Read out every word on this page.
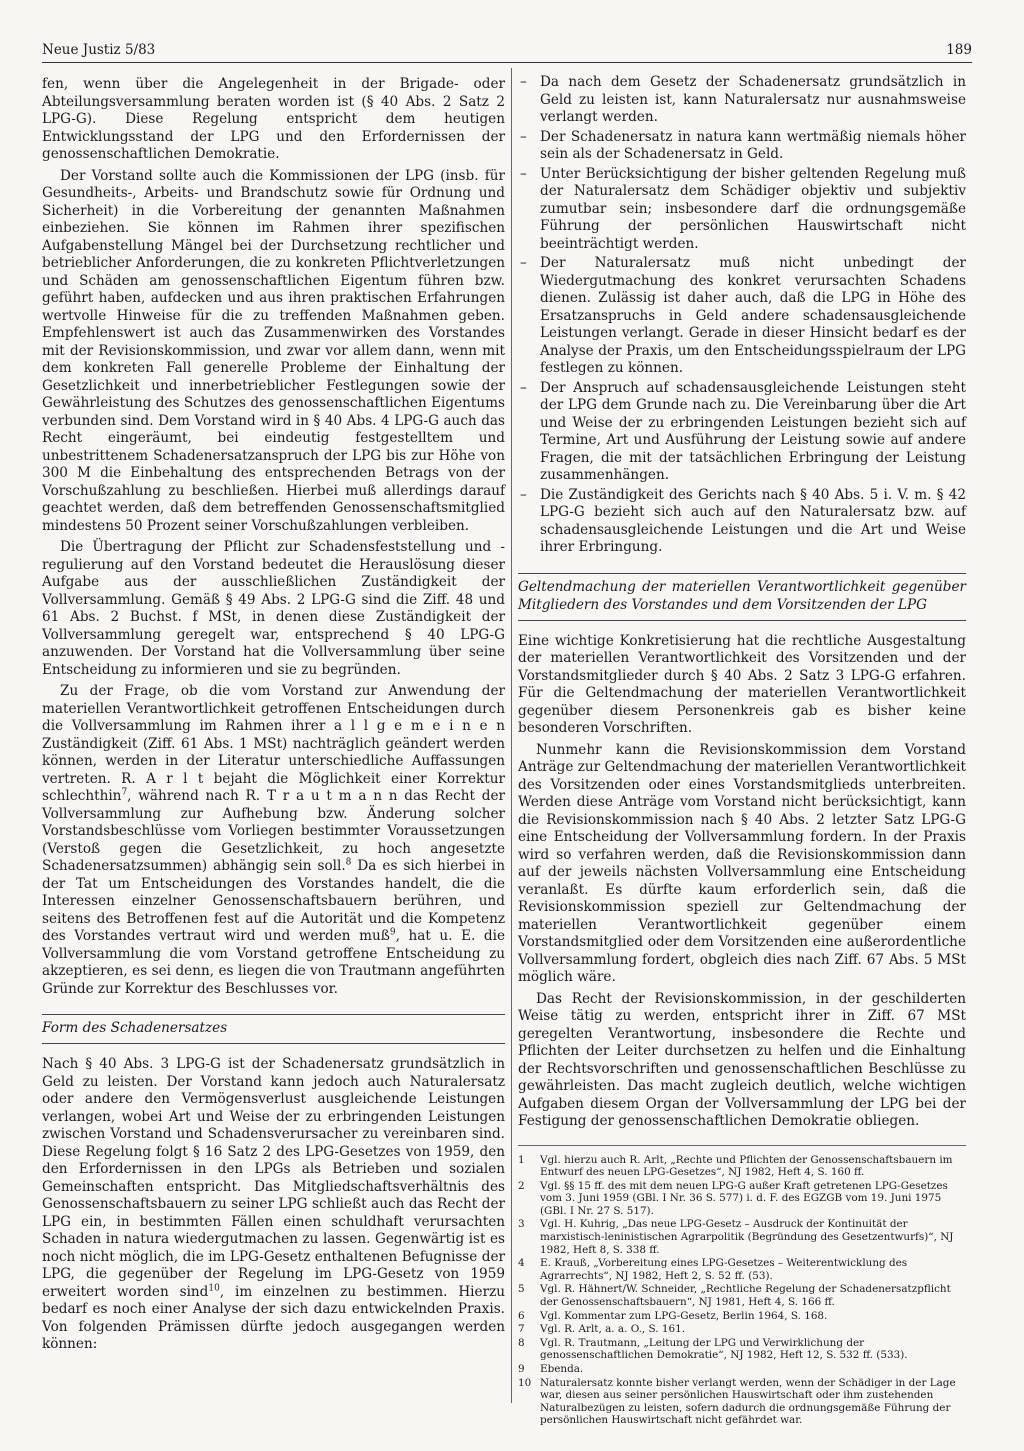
Neue Justiz 5/83	189

fen, wenn über die Angelegenheit in der Brigade- oder Abteilungsversammlung beraten worden ist (§ 40 Abs. 2 Satz 2 LPG-G). Diese Regelung entspricht dem heutigen Entwicklungsstand der LPG und den Erfordernissen der genossenschaftlichen Demokratie.

Der Vorstand sollte auch die Kommissionen der LPG (insb. für Gesundheits-, Arbeits- und Brandschutz sowie für Ordnung und Sicherheit) in die Vorbereitung der genannten Maßnahmen einbeziehen. Sie können im Rahmen ihrer spezifischen Aufgabenstellung Mängel bei der Durchsetzung rechtlicher und betrieblicher Anforderungen, die zu konkreten Pflichtverletzungen und Schäden am genossenschaftlichen Eigentum führen bzw. geführt haben, aufdecken und aus ihren praktischen Erfahrungen wertvolle Hinweise für die zu treffenden Maßnahmen geben. Empfehlenswert ist auch das Zusammenwirken des Vorstandes mit der Revisionskommission, und zwar vor allem dann, wenn mit dem konkreten Fall generelle Probleme der Einhaltung der Gesetzlichkeit und innerbetrieblicher Festlegungen sowie der Gewährleistung des Schutzes des genossenschaftlichen Eigentums verbunden sind. Dem Vorstand wird in § 40 Abs. 4 LPG-G auch das Recht eingeräumt, bei eindeutig festgestelltem und unbestrittenem Schadenersatzanspruch der LPG bis zur Höhe von 300 M die Einbehaltung des entsprechenden Betrags von der Vorschußzahlung zu beschließen. Hierbei muß allerdings darauf geachtet werden, daß dem betreffenden Genossenschaftsmitglied mindestens 50 Prozent seiner Vorschußzahlungen verbleiben.

Die Übertragung der Pflicht zur Schadensfeststellung und -regulierung auf den Vorstand bedeutet die Herauslösung dieser Aufgabe aus der ausschließlichen Zuständigkeit der Vollversammlung. Gemäß § 49 Abs. 2 LPG-G sind die Ziff. 48 und 61 Abs. 2 Buchst. f MSt, in denen diese Zuständigkeit der Vollversammlung geregelt war, entsprechend § 40 LPG-G anzuwenden. Der Vorstand hat die Vollversammlung über seine Entscheidung zu informieren und sie zu begründen.

Zu der Frage, ob die vom Vorstand zur Anwendung der materiellen Verantwortlichkeit getroffenen Entscheidungen durch die Vollversammlung im Rahmen ihrer a l l g e m e i n e n Zuständigkeit (Ziff. 61 Abs. 1 MSt) nachträglich geändert werden können, werden in der Literatur unterschiedliche Auffassungen vertreten. R. A r l t bejaht die Möglichkeit einer Korrektur schlechthin$^7$, während nach R. T r a u t m a n n das Recht der Vollversammlung zur Aufhebung bzw. Änderung solcher Vorstandsbeschlüsse vom Vorliegen bestimmter Voraussetzungen (Verstoß gegen die Gesetzlichkeit, zu hoch angesetzte Schadenersatzsummen) abhängig sein soll.$^8$ Da es sich hierbei in der Tat um Entscheidungen des Vorstandes handelt, die die Interessen einzelner Genossenschaftsbauern berühren, und seitens des Betroffenen fest auf die Autorität und die Kompetenz des Vorstandes vertraut wird und werden muß$^9$, hat u. E. die Vollversammlung die vom Vorstand getroffene Entscheidung zu akzeptieren, es sei denn, es liegen die von Trautmann angeführten Gründe zur Korrektur des Beschlusses vor.

Form des Schadenersatzes

Nach § 40 Abs. 3 LPG-G ist der Schadenersatz grundsätzlich in Geld zu leisten. Der Vorstand kann jedoch auch Naturalersatz oder andere den Vermögensverlust ausgleichende Leistungen verlangen, wobei Art und Weise der zu erbringenden Leistungen zwischen Vorstand und Schadensverursacher zu vereinbaren sind. Diese Regelung folgt § 16 Satz 2 des LPG-Gesetzes von 1959, den den Erfordernissen in den LPGs als Betrieben und sozialen Gemeinschaften entspricht. Das Mitgliedschaftsverhältnis des Genossenschaftsbauern zu seiner LPG schließt auch das Recht der LPG ein, in bestimmten Fällen einen schuldhaft verursachten Schaden in natura wiedergutmachen zu lassen. Gegenwärtig ist es noch nicht möglich, die im LPG-Gesetz enthaltenen Befugnisse der LPG, die gegenüber der Regelung im LPG-Gesetz von 1959 erweitert worden sind$^{10}$, im einzelnen zu bestimmen. Hierzu bedarf es noch einer Analyse der sich dazu entwickelnden Praxis. Von folgenden Prämissen dürfte jedoch ausgegangen werden können:

– Da nach dem Gesetz der Schadenersatz grundsätzlich in Geld zu leisten ist, kann Naturalersatz nur ausnahmsweise verlangt werden.
– Der Schadenersatz in natura kann wertmäßig niemals höher sein als der Schadenersatz in Geld.
– Unter Berücksichtigung der bisher geltenden Regelung muß der Naturalersatz dem Schädiger objektiv und subjektiv zumutbar sein; insbesondere darf die ordnungsgemäße Führung der persönlichen Hauswirtschaft nicht beeinträchtigt werden.
– Der Naturalersatz muß nicht unbedingt der Wiedergutmachung des konkret verursachten Schadens dienen. Zulässig ist daher auch, daß die LPG in Höhe des Ersatzanspruchs in Geld andere schadensausgleichende Leistungen verlangt. Gerade in dieser Hinsicht bedarf es der Analyse der Praxis, um den Entscheidungsspielraum der LPG festlegen zu können.
– Der Anspruch auf schadensausgleichende Leistungen steht der LPG dem Grunde nach zu. Die Vereinbarung über die Art und Weise der zu erbringenden Leistungen bezieht sich auf Termine, Art und Ausführung der Leistung sowie auf andere Fragen, die mit der tatsächlichen Erbringung der Leistung zusammenhängen.
– Die Zuständigkeit des Gerichts nach § 40 Abs. 5 i. V. m. § 42 LPG-G bezieht sich auch auf den Naturalersatz bzw. auf schadensausgleichende Leistungen und die Art und Weise ihrer Erbringung.
Geltendmachung der materiellen Verantwortlichkeit gegenüber Mitgliedern des Vorstandes und dem Vorsitzenden der LPG

Eine wichtige Konkretisierung hat die rechtliche Ausgestaltung der materiellen Verantwortlichkeit des Vorsitzenden und der Vorstandsmitglieder durch § 40 Abs. 2 Satz 3 LPG-G erfahren. Für die Geltendmachung der materiellen Verantwortlichkeit gegenüber diesem Personenkreis gab es bisher keine besonderen Vorschriften.

Nunmehr kann die Revisionskommission dem Vorstand Anträge zur Geltendmachung der materiellen Verantwortlichkeit des Vorsitzenden oder eines Vorstandsmitglieds unterbreiten. Werden diese Anträge vom Vorstand nicht berücksichtigt, kann die Revisionskommission nach § 40 Abs. 2 letzter Satz LPG-G eine Entscheidung der Vollversammlung fordern. In der Praxis wird so verfahren werden, daß die Revisionskommission dann auf der jeweils nächsten Vollversammlung eine Entscheidung veranlaßt. Es dürfte kaum erforderlich sein, daß die Revisionskommission speziell zur Geltendmachung der materiellen Verantwortlichkeit gegenüber einem Vorstandsmitglied oder dem Vorsitzenden eine außerordentliche Vollversammlung fordert, obgleich dies nach Ziff. 67 Abs. 5 MSt möglich wäre.

Das Recht der Revisionskommission, in der geschilderten Weise tätig zu werden, entspricht ihrer in Ziff. 67 MSt geregelten Verantwortung, insbesondere die Rechte und Pflichten der Leiter durchsetzen zu helfen und die Einhaltung der Rechtsvorschriften und genossenschaftlichen Beschlüsse zu gewährleisten. Das macht zugleich deutlich, welche wichtigen Aufgaben diesem Organ der Vollversammlung der LPG bei der Festigung der genossenschaftlichen Demokratie obliegen.

1	Vgl. hierzu auch R. Arlt, „Rechte und Pflichten der Genossenschaftsbauern im Entwurf des neuen LPG-Gesetzes“, NJ 1982, Heft 4, S. 160 ff.
2	Vgl. §§ 15 ff. des mit dem neuen LPG-G außer Kraft getretenen LPG-Gesetzes vom 3. Juni 1959 (GBl. I Nr. 36 S. 577) i. d. F. des EGZGB vom 19. Juni 1975 (GBl. I Nr. 27 S. 517).
3	Vgl. H. Kuhrig, „Das neue LPG-Gesetz – Ausdruck der Kontinuität der marxistisch-leninistischen Agrarpolitik (Begründung des Gesetzentwurfs)“, NJ 1982, Heft 8, S. 338 ff.
4	E. Krauß, „Vorbereitung eines LPG-Gesetzes – Weiterentwicklung des Agrarrechts“, NJ 1982, Heft 2, S. 52 ff. (53).
5	Vgl. R. Hähnert/W. Schneider, „Rechtliche Regelung der Schadenersatzpflicht der Genossenschaftsbauern“, NJ 1981, Heft 4, S. 166 ff.
6	Vgl. Kommentar zum LPG-Gesetz, Berlin 1964, S. 168.
7	Vgl. R. Arlt, a. a. O., S. 161.
8	Vgl. R. Trautmann, „Leitung der LPG und Verwirklichung der genossenschaftlichen Demokratie“, NJ 1982, Heft 12, S. 532 ff. (533).
9	Ebenda.
10 Naturalersatz konnte bisher verlangt werden, wenn der Schädiger in der Lage war, diesen aus seiner persönlichen Hauswirtschaft oder ihm zustehenden Naturalbezügen zu leisten, sofern dadurch die ordnungsgemäße Führung der persönlichen Hauswirtschaft nicht gefährdet war.
